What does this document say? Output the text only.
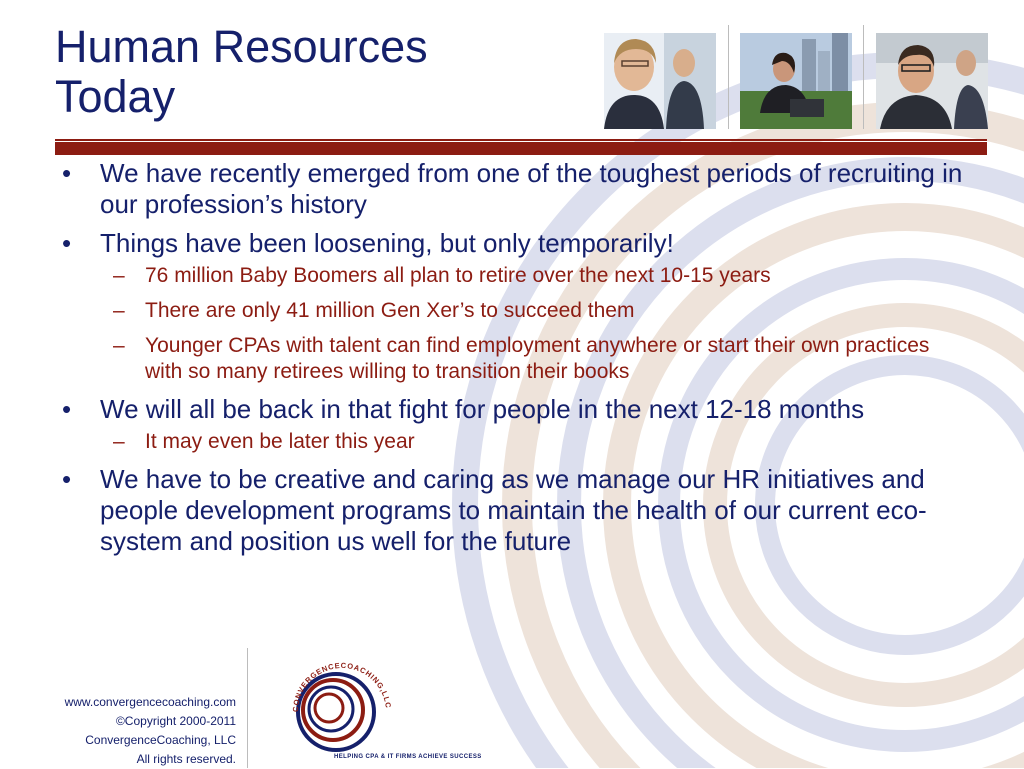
Human Resources
Today
• We have recently emerged from one of the toughest periods of recruiting in our profession’s history
• Things have been loosening, but only temporarily!
– 76 million Baby Boomers all plan to retire over the next 10-15 years
– There are only 41 million Gen Xer’s to succeed them
– Younger CPAs with talent can find employment anywhere or start their own practices with so many retirees willing to transition their books
• We will all be back in that fight for people in the next 12-18 months
– It may even be later this year
• We have to be creative and caring as we manage our HR initiatives and people development programs to maintain the health of our current eco-system and position us well for the future
www.convergencecoaching.com
©Copyright 2000-2011
ConvergenceCoaching, LLC
All rights reserved.
CONVERGENCECOACHING,LLC
HELPING CPA & IT FIRMS ACHIEVE SUCCESS
